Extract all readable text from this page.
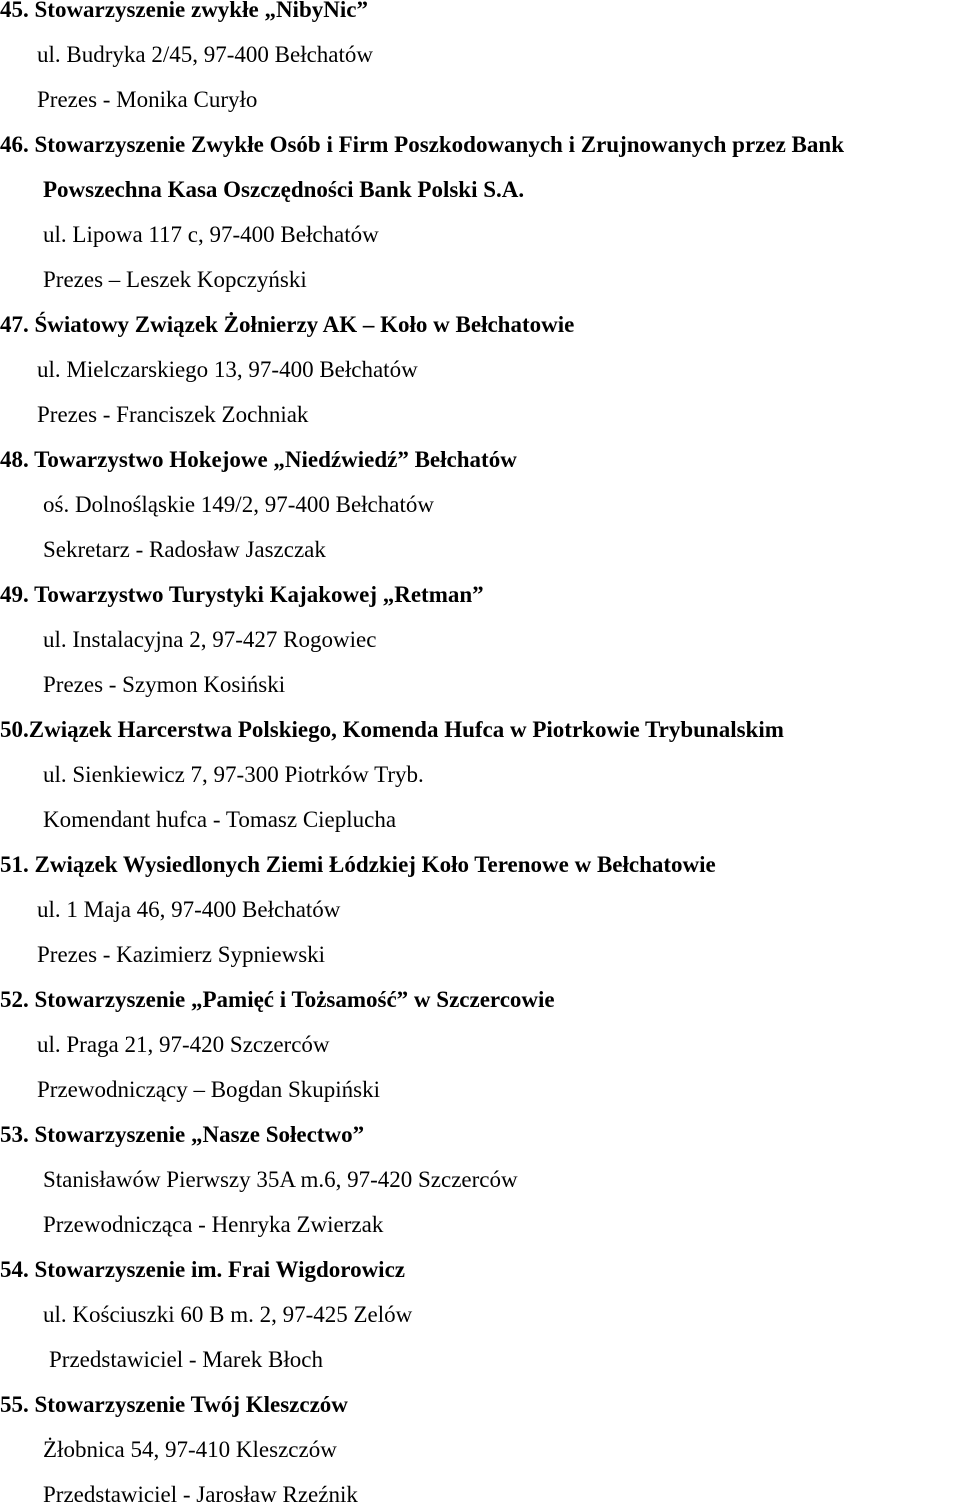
45. Stowarzyszenie zwykłe „NibyNic”
ul. Budryka 2/45, 97-400 Bełchatów
Prezes - Monika Curyło
46. Stowarzyszenie Zwykłe Osób i Firm Poszkodowanych i Zrujnowanych przez Bank
Powszechna Kasa Oszczędności Bank Polski S.A.
ul. Lipowa 117 c, 97-400 Bełchatów
Prezes – Leszek Kopczyński
47. Światowy Związek Żołnierzy AK – Koło w Bełchatowie
ul. Mielczarskiego 13, 97-400 Bełchatów
Prezes - Franciszek Zochniak
48. Towarzystwo Hokejowe „Niedźwiedź” Bełchatów
oś. Dolnośląskie 149/2, 97-400 Bełchatów
Sekretarz - Radosław Jaszczak
49. Towarzystwo Turystyki Kajakowej „Retman”
ul. Instalacyjna 2, 97-427 Rogowiec
Prezes - Szymon Kosiński
50.Związek Harcerstwa Polskiego, Komenda Hufca w Piotrkowie Trybunalskim
ul. Sienkiewicz 7, 97-300 Piotrków Tryb.
Komendant hufca - Tomasz Cieplucha
51. Związek Wysiedlonych Ziemi Łódzkiej Koło Terenowe w Bełchatowie
ul. 1 Maja 46, 97-400 Bełchatów
Prezes - Kazimierz Sypniewski
52. Stowarzyszenie „Pamięć i Tożsamość” w Szczercowie
ul. Praga 21, 97-420 Szczerców
Przewodniczący – Bogdan Skupiński
53. Stowarzyszenie „Nasze Sołectwo”
Stanisławów Pierwszy 35A m.6, 97-420 Szczerców
Przewodnicząca - Henryka Zwierzak
54. Stowarzyszenie im. Frai Wigdorowicz
ul. Kościuszki 60 B m. 2, 97-425 Zelów
Przedstawiciel - Marek Błoch
55. Stowarzyszenie Twój Kleszczów
Żłobnica 54, 97-410 Kleszczów
Przedstawiciel - Jarosław Rzeźnik
